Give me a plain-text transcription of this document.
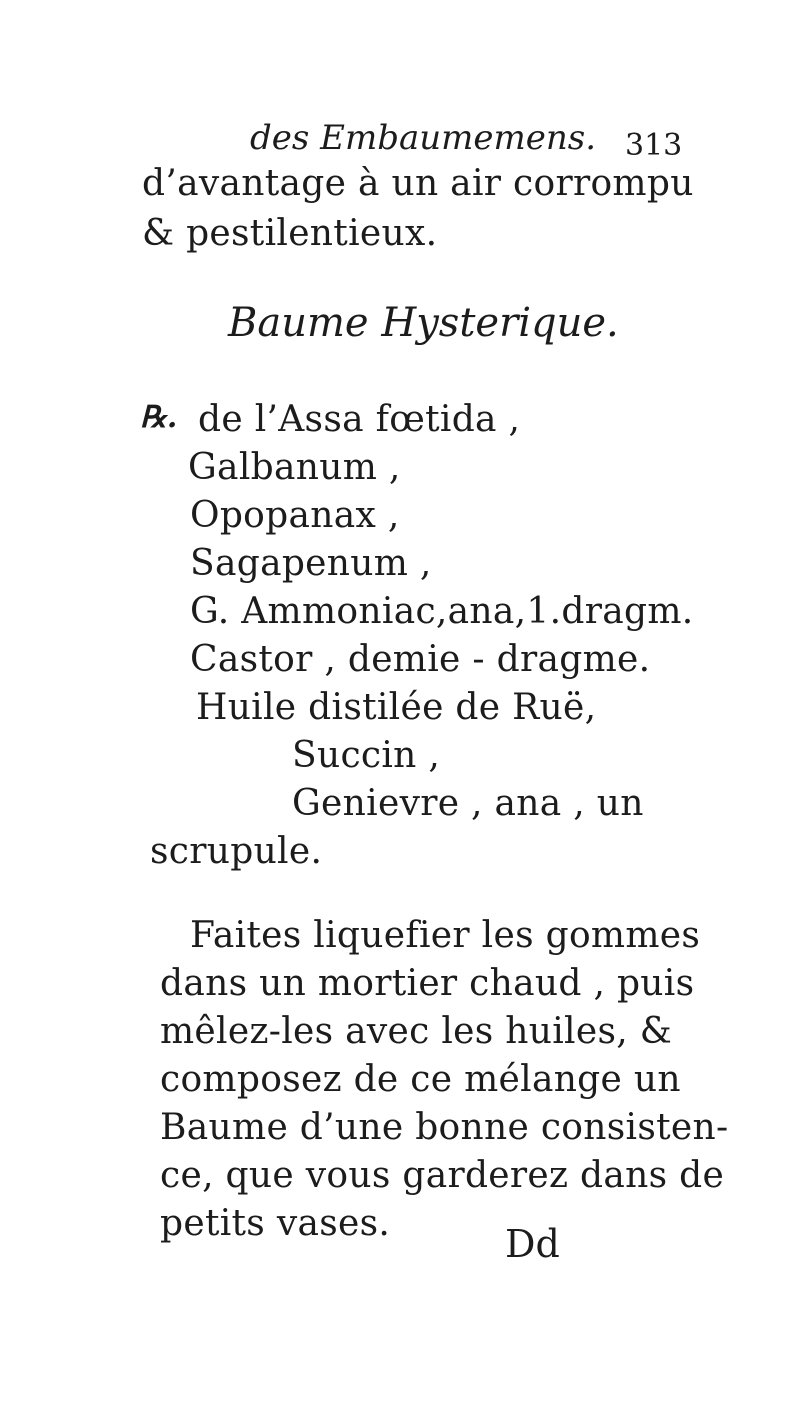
des Embaumemens. 313
d’avantage à un air corrompu
& pestilentieux.
Baume Hysterique.
℞. de l’Assa fœtida ,
Galbanum ,
Opopanax ,
Sagapenum ,
G. Ammoniac,ana,1.dragm.
Castor , demie - dragme.
Huile distilée de Ruë,
Succin ,
Genievre , ana , un
scrupule.
Faites liquefier les gommes
dans un mortier chaud , puis
mêlez-les avec les huiles, &
composez de ce mélange un
Baume d’une bonne consisten-
ce, que vous garderez dans de
petits vases.	Dd
